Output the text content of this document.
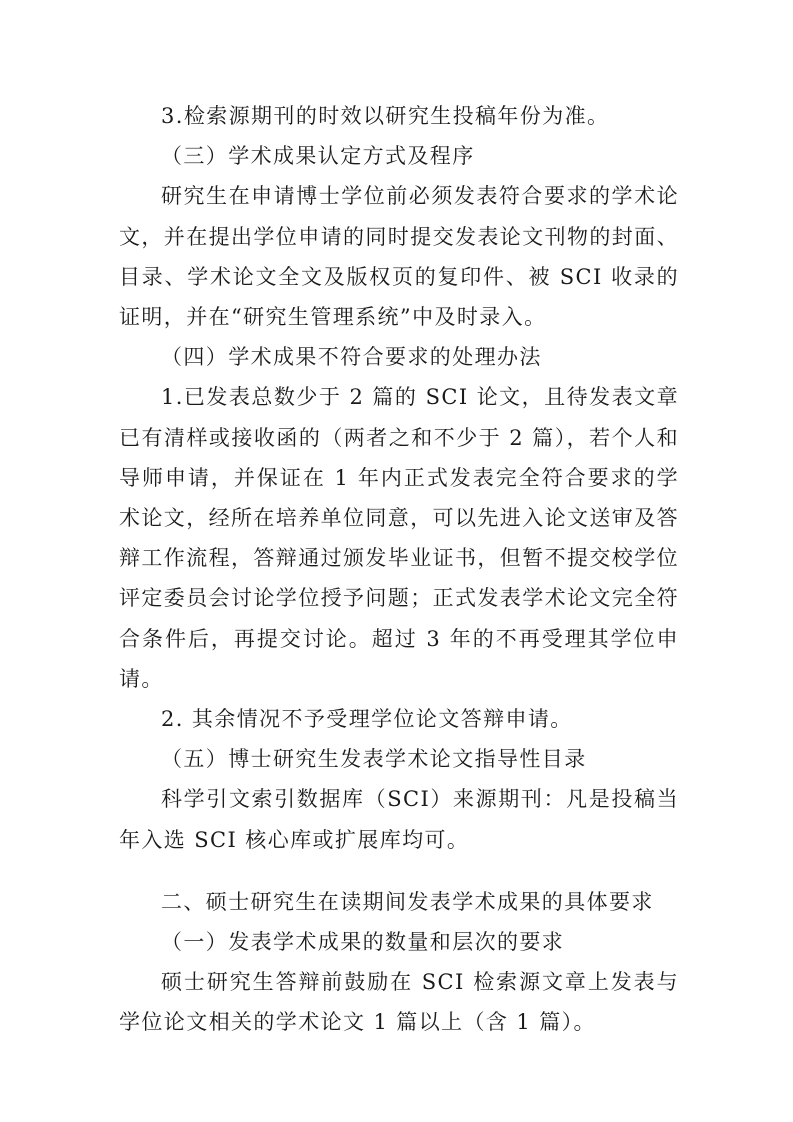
3.检索源期刊的时效以研究生投稿年份为准。

（三）学术成果认定方式及程序

研究生在申请博士学位前必须发表符合要求的学术论文，并在提出学位申请的同时提交发表论文刊物的封面、目录、学术论文全文及版权页的复印件、被 SCI 收录的证明，并在“研究生管理系统”中及时录入。

（四）学术成果不符合要求的处理办法

1.已发表总数少于 2 篇的 SCI 论文，且待发表文章已有清样或接收函的（两者之和不少于 2 篇），若个人和导师申请，并保证在 1 年内正式发表完全符合要求的学术论文，经所在培养单位同意，可以先进入论文送审及答辩工作流程，答辩通过颁发毕业证书，但暂不提交校学位评定委员会讨论学位授予问题；正式发表学术论文完全符合条件后，再提交讨论。超过 3 年的不再受理其学位申请。

2. 其余情况不予受理学位论文答辩申请。

（五）博士研究生发表学术论文指导性目录

科学引文索引数据库（SCI）来源期刊：凡是投稿当年入选 SCI 核心库或扩展库均可。

二、硕士研究生在读期间发表学术成果的具体要求

（一）发表学术成果的数量和层次的要求

硕士研究生答辩前鼓励在 SCI 检索源文章上发表与学位论文相关的学术论文 1 篇以上（含 1 篇）。
